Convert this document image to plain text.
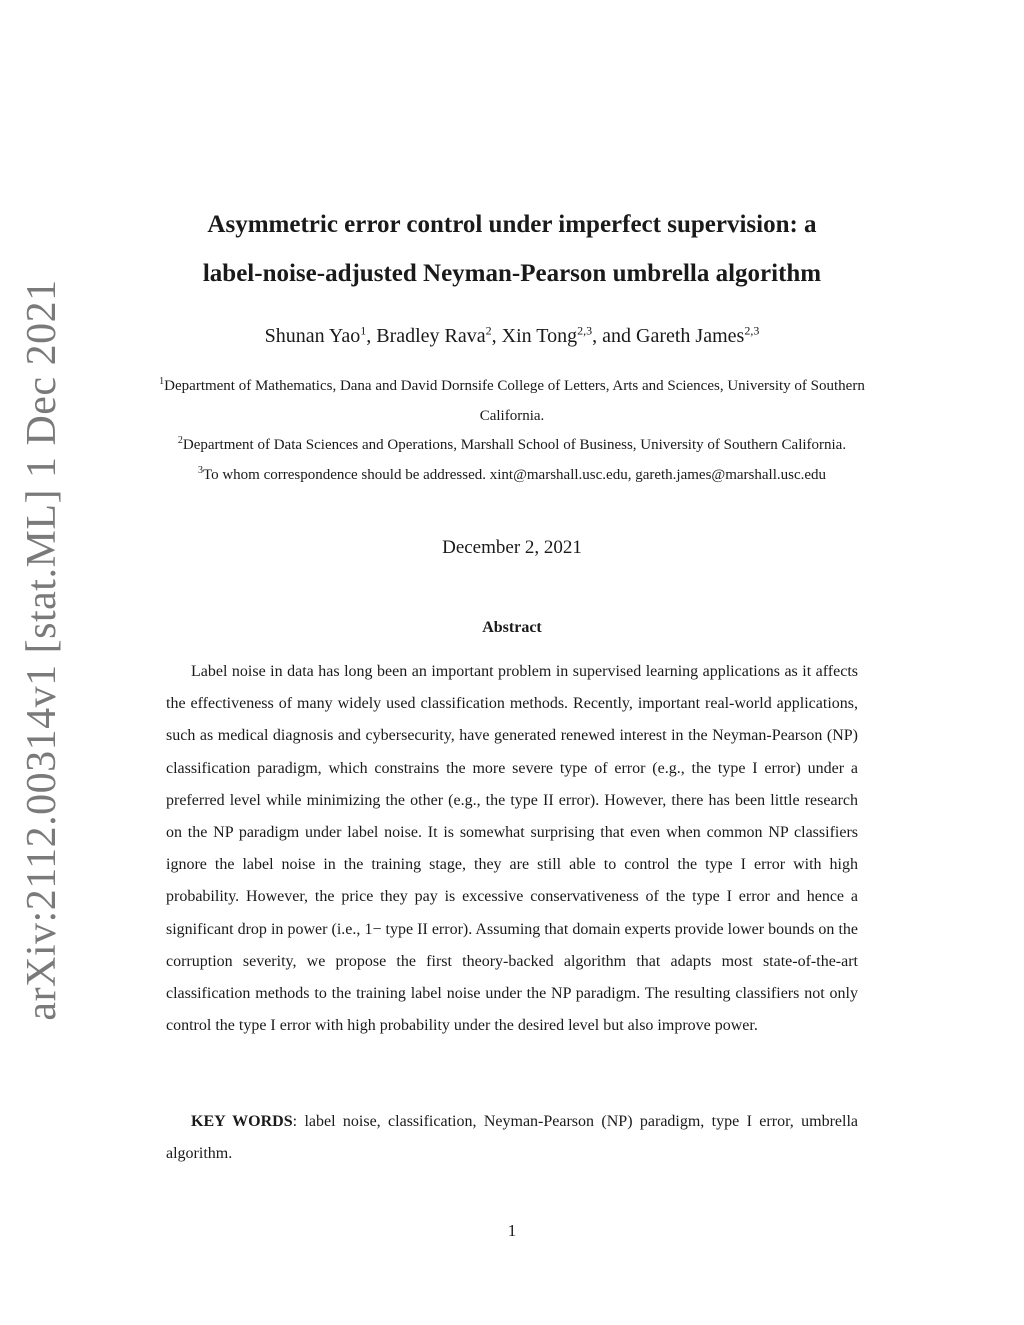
arXiv:2112.00314v1 [stat.ML] 1 Dec 2021
Asymmetric error control under imperfect supervision: a
label-noise-adjusted Neyman-Pearson umbrella algorithm
Shunan Yao$^1$, Bradley Rava$^2$, Xin Tong$^{2,3}$, and Gareth James$^{2,3}$
$^1$Department of Mathematics, Dana and David Dornsife College of Letters, Arts and Sciences, University of Southern California.
$^2$Department of Data Sciences and Operations, Marshall School of Business, University of Southern California.
$^3$To whom correspondence should be addressed. xint@marshall.usc.edu, gareth.james@marshall.usc.edu
December 2, 2021
Abstract

Label noise in data has long been an important problem in supervised learning applications as it affects the effectiveness of many widely used classification methods. Recently, important real-world applications, such as medical diagnosis and cybersecurity, have generated renewed interest in the Neyman-Pearson (NP) classification paradigm, which constrains the more severe type of error (e.g., the type I error) under a preferred level while minimizing the other (e.g., the type II error). However, there has been little research on the NP paradigm under label noise. It is somewhat surprising that even when common NP classifiers ignore the label noise in the training stage, they are still able to control the type I error with high probability. However, the price they pay is excessive conservativeness of the type I error and hence a significant drop in power (i.e., 1− type II error). Assuming that domain experts provide lower bounds on the corruption severity, we propose the first theory-backed algorithm that adapts most state-of-the-art classification methods to the training label noise under the NP paradigm. The resulting classifiers not only control the type I error with high probability under the desired level but also improve power.

KEY WORDS: label noise, classification, Neyman-Pearson (NP) paradigm, type I error, umbrella algorithm.

1
